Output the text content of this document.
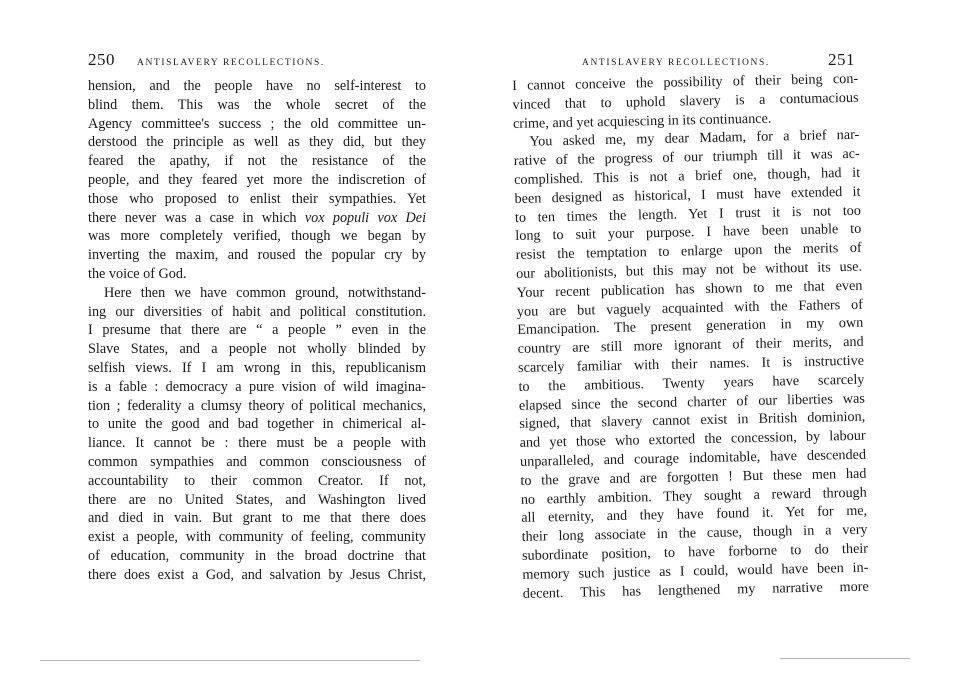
250 ANTISLAVERY RECOLLECTIONS.
hension, and the people have no self-interest to
blind them. This was the whole secret of the
Agency committee's success ; the old committee un-
derstood the principle as well as they did, but they
feared the apathy, if not the resistance of the
people, and they feared yet more the indiscretion of
those who proposed to enlist their sympathies. Yet
there never was a case in which vox populi vox Dei
was more completely verified, though we began by
inverting the maxim, and roused the popular cry by
the voice of God.
Here then we have common ground, notwithstand-
ing our diversities of habit and political constitution.
I presume that there are “ a people ” even in the
Slave States, and a people not wholly blinded by
selfish views. If I am wrong in this, republicanism
is a fable : democracy a pure vision of wild imagina-
tion ; federality a clumsy theory of political mechanics,
to unite the good and bad together in chimerical al-
liance. It cannot be : there must be a people with
common sympathies and common consciousness of
accountability to their common Creator. If not,
there are no United States, and Washington lived
and died in vain. But grant to me that there does
exist a people, with community of feeling, community
of education, community in the broad doctrine that
there does exist a God, and salvation by Jesus Christ,
ANTISLAVERY RECOLLECTIONS.	251
I cannot conceive the possibility of their being con-
vinced that to uphold slavery is a contumacious
crime, and yet acquiescing in its continuance.
You asked me, my dear Madam, for a brief nar-
rative of the progress of our triumph till it was ac-
complished. This is not a brief one, though, had it
been designed as historical, I must have extended it
to ten times the length. Yet I trust it is not too
long to suit your purpose. I have been unable to
resist the temptation to enlarge upon the merits of
our abolitionists, but this may not be without its use.
Your recent publication has shown to me that even
you are but vaguely acquainted with the Fathers of
Emancipation. The present generation in my own
country are still more ignorant of their merits, and
scarcely familiar with their names. It is instructive
to the ambitious. Twenty years have scarcely
elapsed since the second charter of our liberties was
signed, that slavery cannot exist in British dominion,
and yet those who extorted the concession, by labour
unparalleled, and courage indomitable, have descended
to the grave and are forgotten ! But these men had
no earthly ambition. They sought a reward through
all eternity, and they have found it. Yet for me,
their long associate in the cause, though in a very
subordinate position, to have forborne to do their
memory such justice as I could, would have been in-
decent. This has lengthened my narrative more
